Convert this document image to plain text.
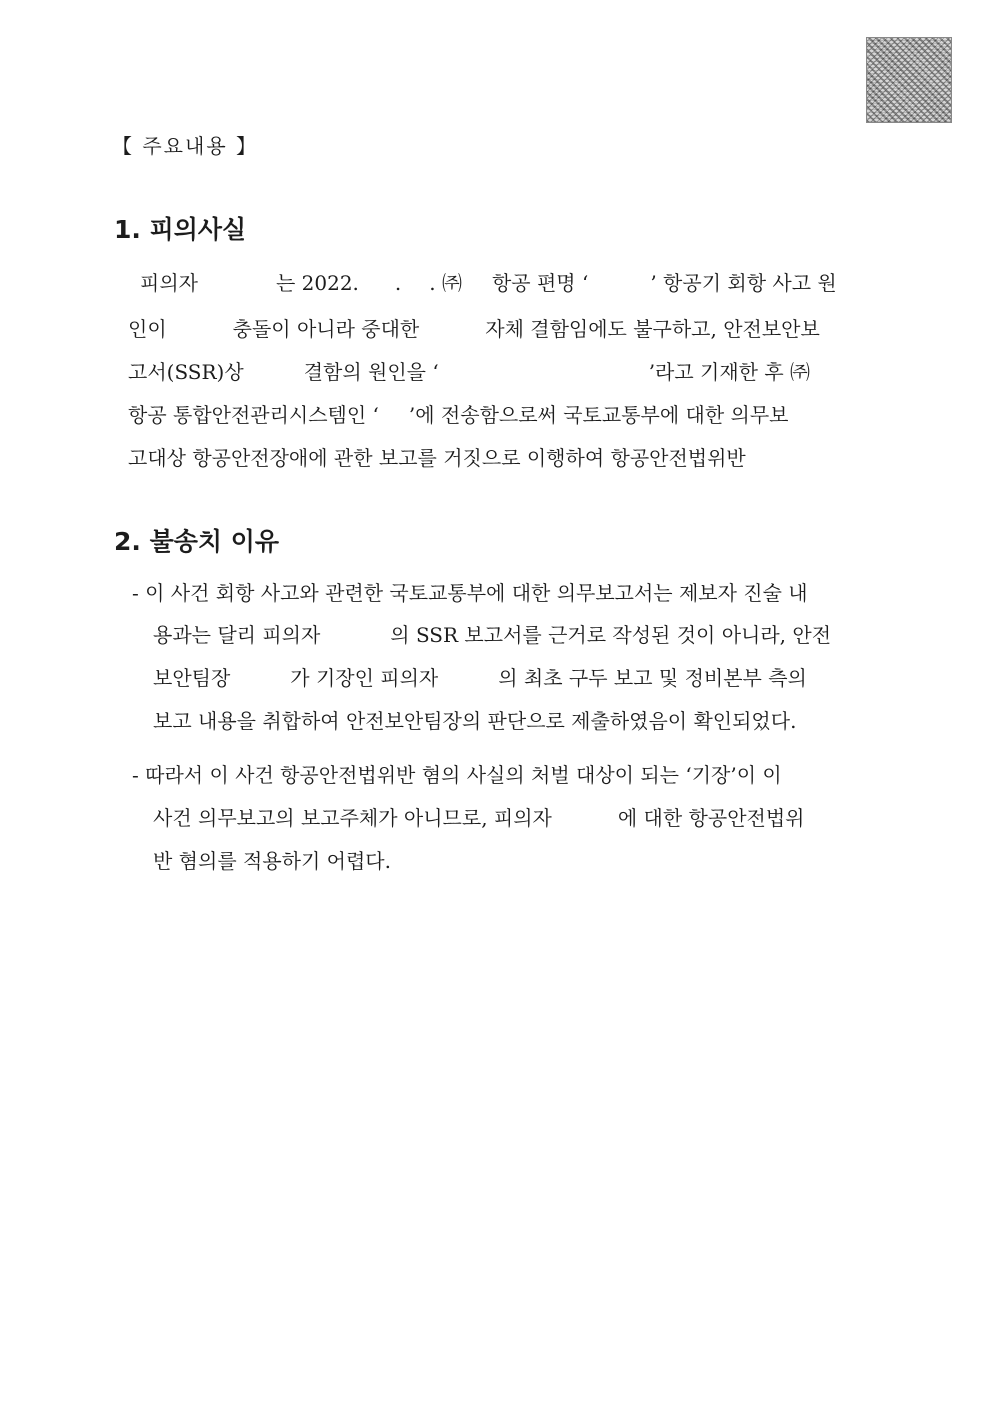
【 주요내용 】
1. 피의사실

피의자	는 2022. . . ㈜ 항공 편명 ‘	’ 항공기 회항 사고 원

인이	충돌이 아니라 중대한	자체 결함임에도 불구하고, 안전보안보

고서(SSR)상	결함의 원인을 ‘	’라고 기재한 후 ㈜

항공 통합안전관리시스템인 ‘ ’에 전송함으로써 국토교통부에 대한 의무보

고대상 항공안전장애에 관한 보고를 거짓으로 이행하여 항공안전법위반

2. 불송치 이유

- 이 사건 회항 사고와 관련한 국토교통부에 대한 의무보고서는 제보자 진술 내

용과는 달리 피의자	의 SSR 보고서를 근거로 작성된 것이 아니라, 안전

보안팀장	가 기장인 피의자	의 최초 구두 보고 및 정비본부 측의

보고 내용을 취합하여 안전보안팀장의 판단으로 제출하였음이 확인되었다.

- 따라서 이 사건 항공안전법위반 혐의 사실의 처벌 대상이 되는 ‘기장’이 이

사건 의무보고의 보고주체가 아니므로, 피의자	에 대한 항공안전법위

반 혐의를 적용하기 어렵다.
